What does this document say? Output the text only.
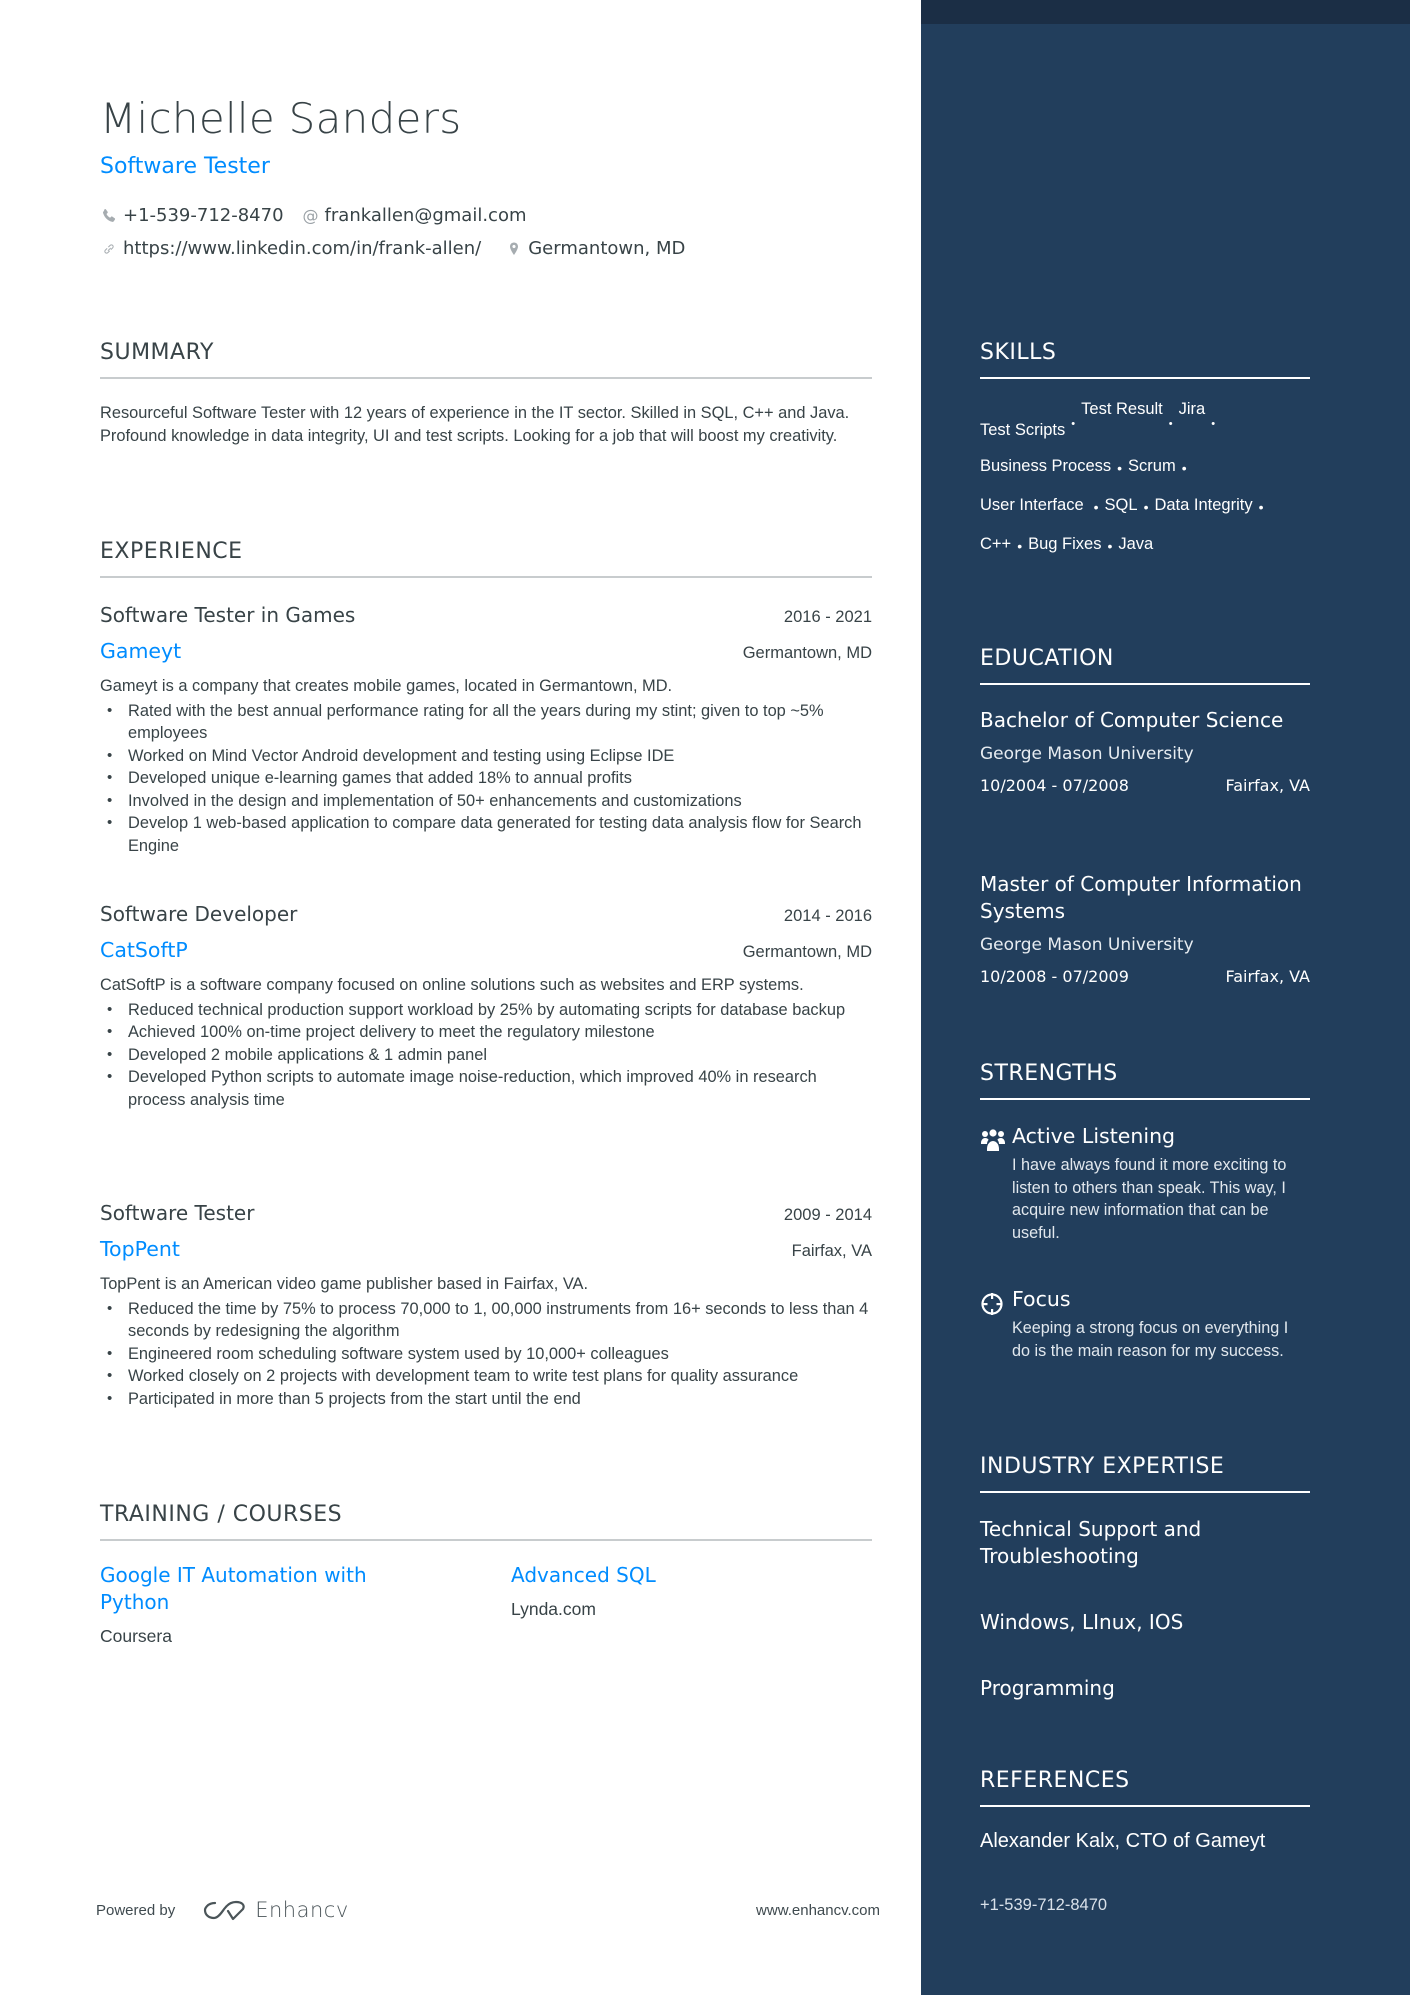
Michelle Sanders
Software Tester
+1-539-712-8470 @ frankallen@gmail.com
https://www.linkedin.com/in/frank-allen/	Germantown, MD
SUMMARY
Resourceful Software Tester with 12 years of experience in the IT sector. Skilled in SQL, C++ and Java. Profound knowledge in data integrity, UI and test scripts. Looking for a job that will boost my creativity.
EXPERIENCE
Software Tester in Games	2016 - 2021
Gameyt	Germantown, MD
Gameyt is a company that creates mobile games, located in Germantown, MD.
• Rated with the best annual performance rating for all the years during my stint; given to top ~5% employees
• Worked on Mind Vector Android development and testing using Eclipse IDE
• Developed unique e-learning games that added 18% to annual profits
• Involved in the design and implementation of 50+ enhancements and customizations
• Develop 1 web-based application to compare data generated for testing data analysis flow for Search Engine
Software Developer	2014 - 2016
CatSoftP	Germantown, MD
CatSoftP is a software company focused on online solutions such as websites and ERP systems.
• Reduced technical production support workload by 25% by automating scripts for database backup
• Achieved 100% on-time project delivery to meet the regulatory milestone
• Developed 2 mobile applications & 1 admin panel
• Developed Python scripts to automate image noise-reduction, which improved 40% in research process analysis time
Software Tester	2009 - 2014
TopPent	Fairfax, VA
TopPent is an American video game publisher based in Fairfax, VA.
• Reduced the time by 75% to process 70,000 to 1, 00,000 instruments from 16+ seconds to less than 4 seconds by redesigning the algorithm
• Engineered room scheduling software system used by 10,000+ colleagues
• Worked closely on 2 projects with development team to write test plans for quality assurance
• Participated in more than 5 projects from the start until the end
TRAINING / COURSES
Google IT Automation with Python
Coursera
Advanced SQL
Lynda.com
Powered by	Enhancv	www.enhancv.com
SKILLS
Test Scripts •
Test Result
•
Jira
•
Business Process • Scrum •
User Interface • SQL • Data Integrity •
C++ • Bug Fixes • Java
EDUCATION
Bachelor of Computer Science
George Mason University
10/2004 - 07/2008	Fairfax, VA
Master of Computer Information Systems
George Mason University
10/2008 - 07/2009	Fairfax, VA
STRENGTHS
Active Listening
I have always found it more exciting to listen to others than speak. This way, I acquire new information that can be useful.
Focus
Keeping a strong focus on everything I do is the main reason for my success.
INDUSTRY EXPERTISE
Technical Support and Troubleshooting
Windows, LInux, IOS
Programming
REFERENCES
Alexander Kalx, CTO of Gameyt
+1-539-712-8470
